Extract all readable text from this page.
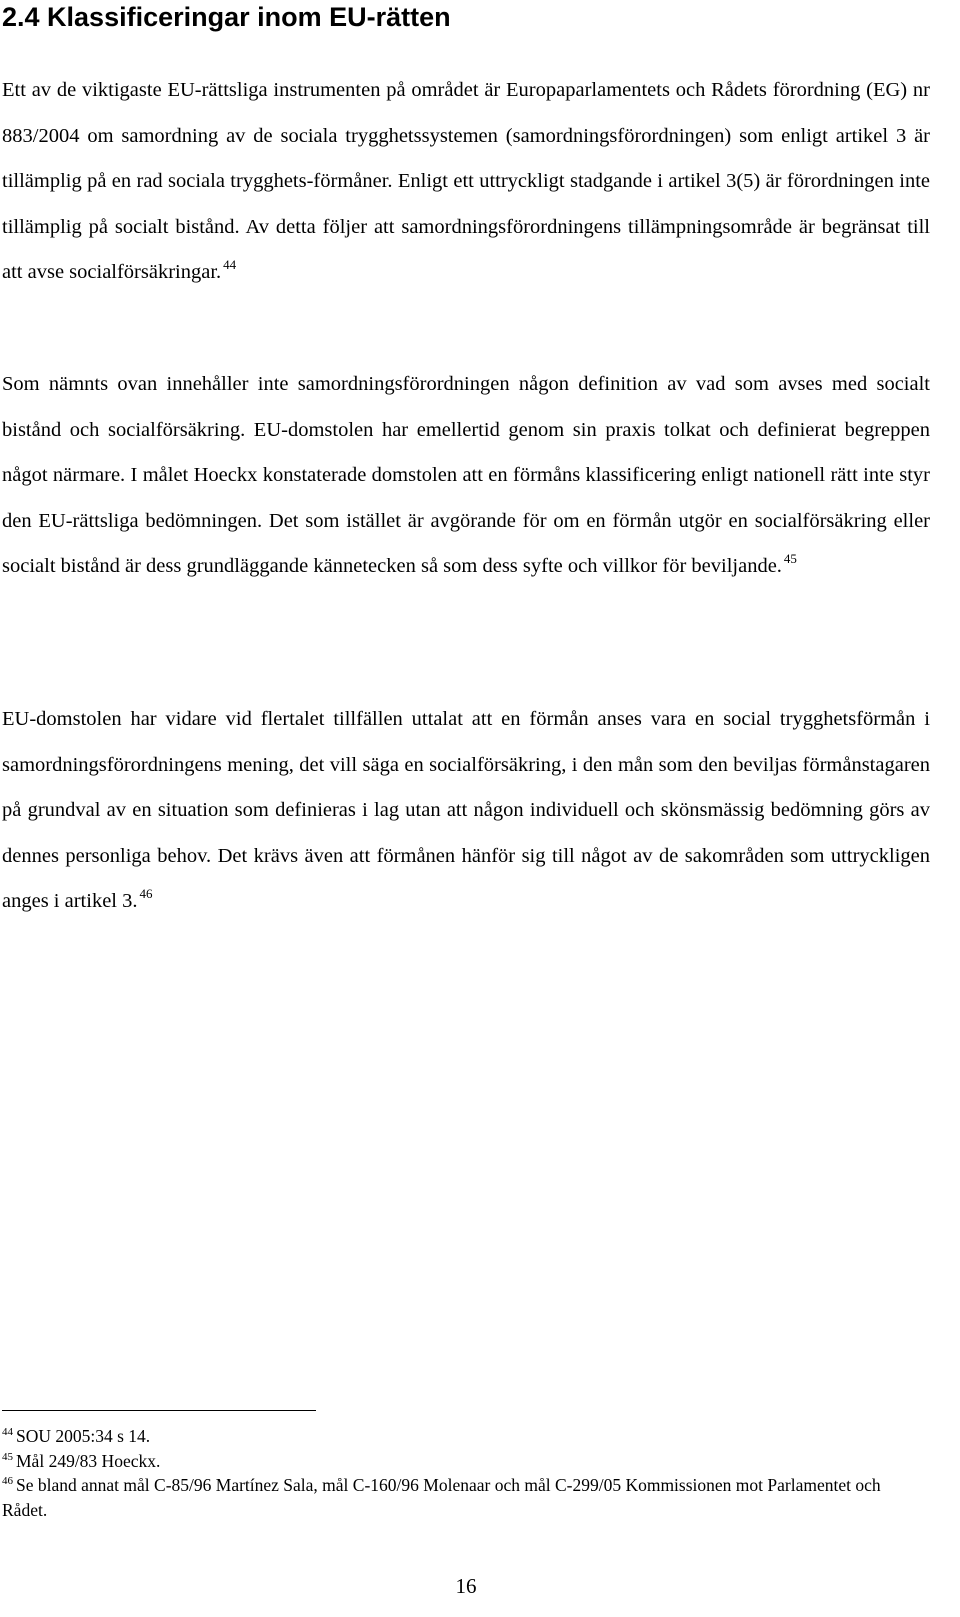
2.4 Klassificeringar inom EU-rätten

Ett av de viktigaste EU-rättsliga instrumenten på området är Europaparlamentets och Rådets förordning (EG) nr 883/2004 om samordning av de sociala trygghetssystemen (samordningsförordningen) som enligt artikel 3 är tillämplig på en rad sociala trygghets-förmåner. Enligt ett uttryckligt stadgande i artikel 3(5) är förordningen inte tillämplig på socialt bistånd. Av detta följer att samordningsförordningens tillämpningsområde är begränsat till att avse socialförsäkringar. $^{44}$

Som nämnts ovan innehåller inte samordningsförordningen någon definition av vad som avses med socialt bistånd och socialförsäkring. EU-domstolen har emellertid genom sin praxis tolkat och definierat begreppen något närmare. I målet Hoeckx konstaterade domstolen att en förmåns klassificering enligt nationell rätt inte styr den EU-rättsliga bedömningen. Det som istället är avgörande för om en förmån utgör en socialförsäkring eller socialt bistånd är dess grundläggande kännetecken så som dess syfte och villkor för beviljande. $^{45}$

EU-domstolen har vidare vid flertalet tillfällen uttalat att en förmån anses vara en social trygghetsförmån i samordningsförordningens mening, det vill säga en socialförsäkring, i den mån som den beviljas förmånstagaren på grundval av en situation som definieras i lag utan att någon individuell och skönsmässig bedömning görs av dennes personliga behov. Det krävs även att förmånen hänför sig till något av de sakområden som uttryckligen anges i artikel 3. $^{46}$

$^{44}$ SOU 2005:34 s 14.

$^{45}$ Mål 249/83 Hoeckx.

$^{46}$ Se bland annat mål C-85/96 Martínez Sala, mål C-160/96 Molenaar och mål C-299/05 Kommissionen mot Parlamentet och Rådet.

16
